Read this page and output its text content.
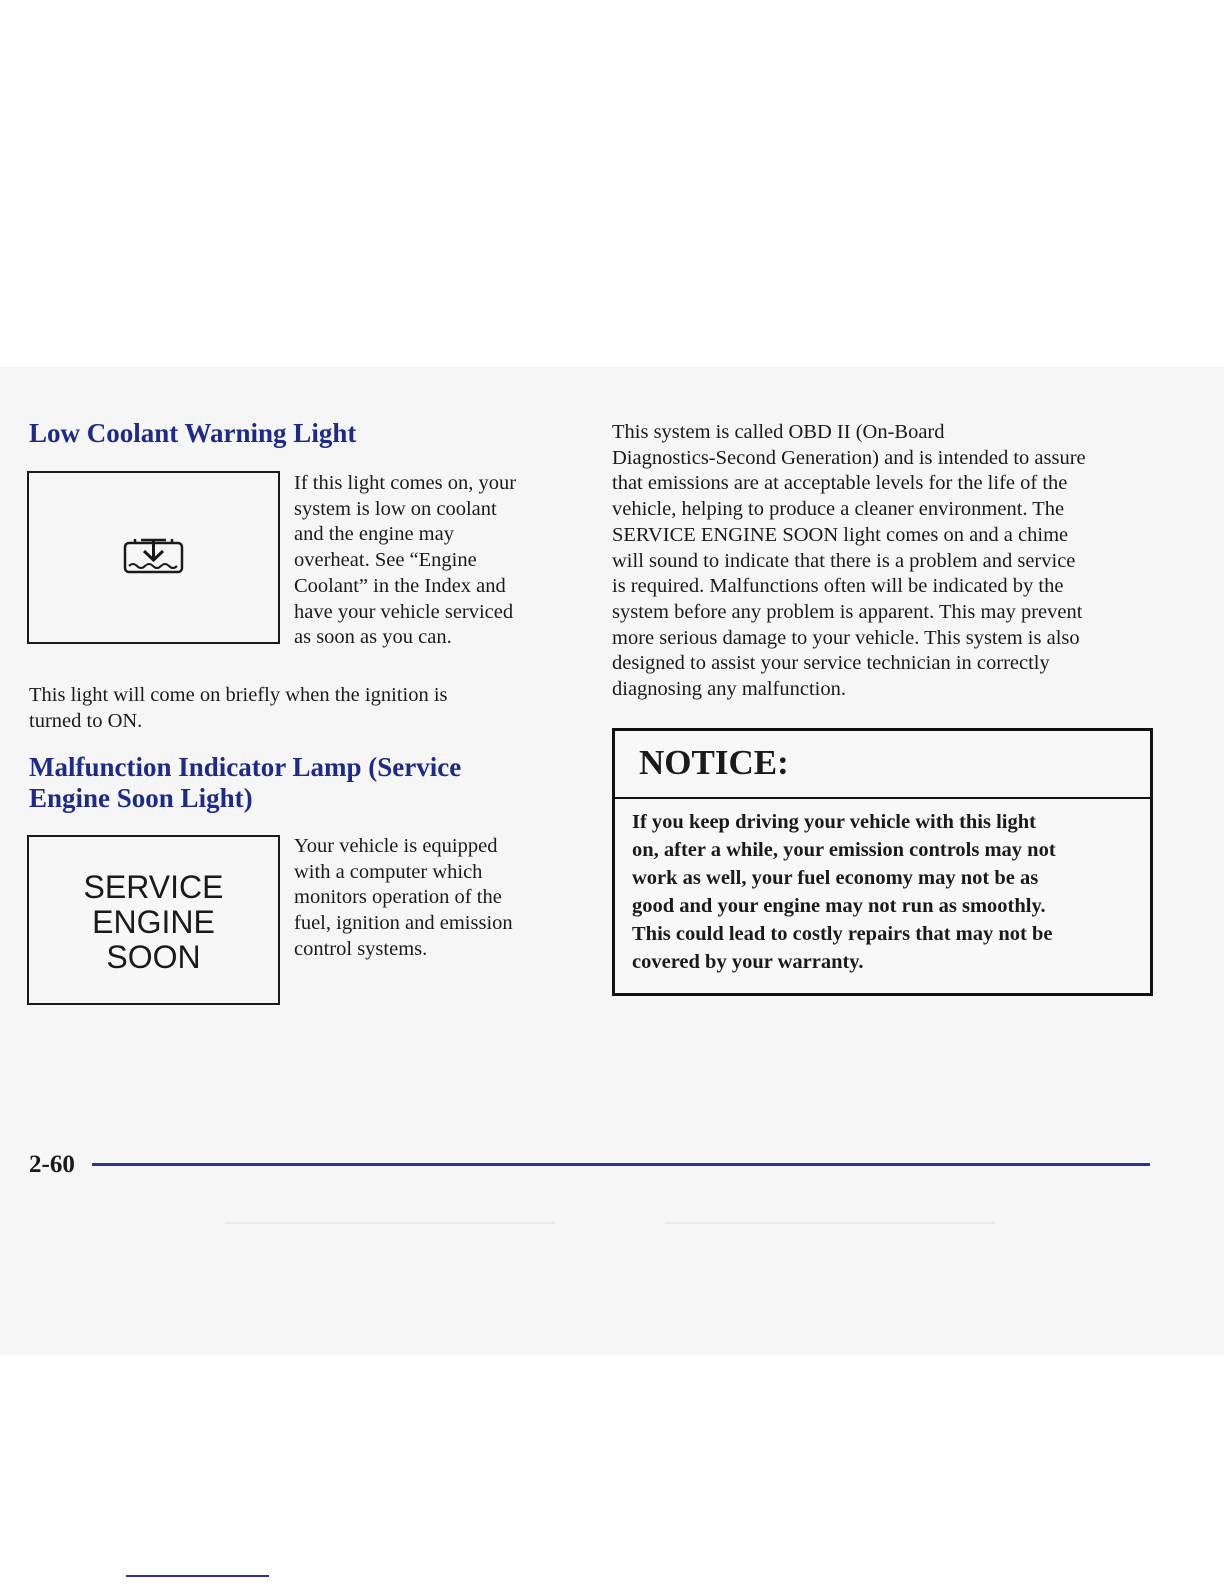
Low Coolant Warning Light

If this light comes on, your
system is low on coolant
and the engine may
overheat. See “Engine
Coolant” in the Index and
have your vehicle serviced
as soon as you can.

This light will come on briefly when the ignition is
turned to ON.

Malfunction Indicator Lamp (Service
Engine Soon Light)
SERVICE
ENGINE
SOON

Your vehicle is equipped
with a computer which
monitors operation of the
fuel, ignition and emission
control systems.

This system is called OBD II (On-Board
Diagnostics-Second Generation) and is intended to assure
that emissions are at acceptable levels for the life of the
vehicle, helping to produce a cleaner environment. The
SERVICE ENGINE SOON light comes on and a chime
will sound to indicate that there is a problem and service
is required. Malfunctions often will be indicated by the
system before any problem is apparent. This may prevent
more serious damage to your vehicle. This system is also
designed to assist your service technician in correctly
diagnosing any malfunction.

NOTICE:
If you keep driving your vehicle with this light
on, after a while, your emission controls may not
work as well, your fuel economy may not be as
good and your engine may not run as smoothly.
This could lead to costly repairs that may not be
covered by your warranty.
2-60
